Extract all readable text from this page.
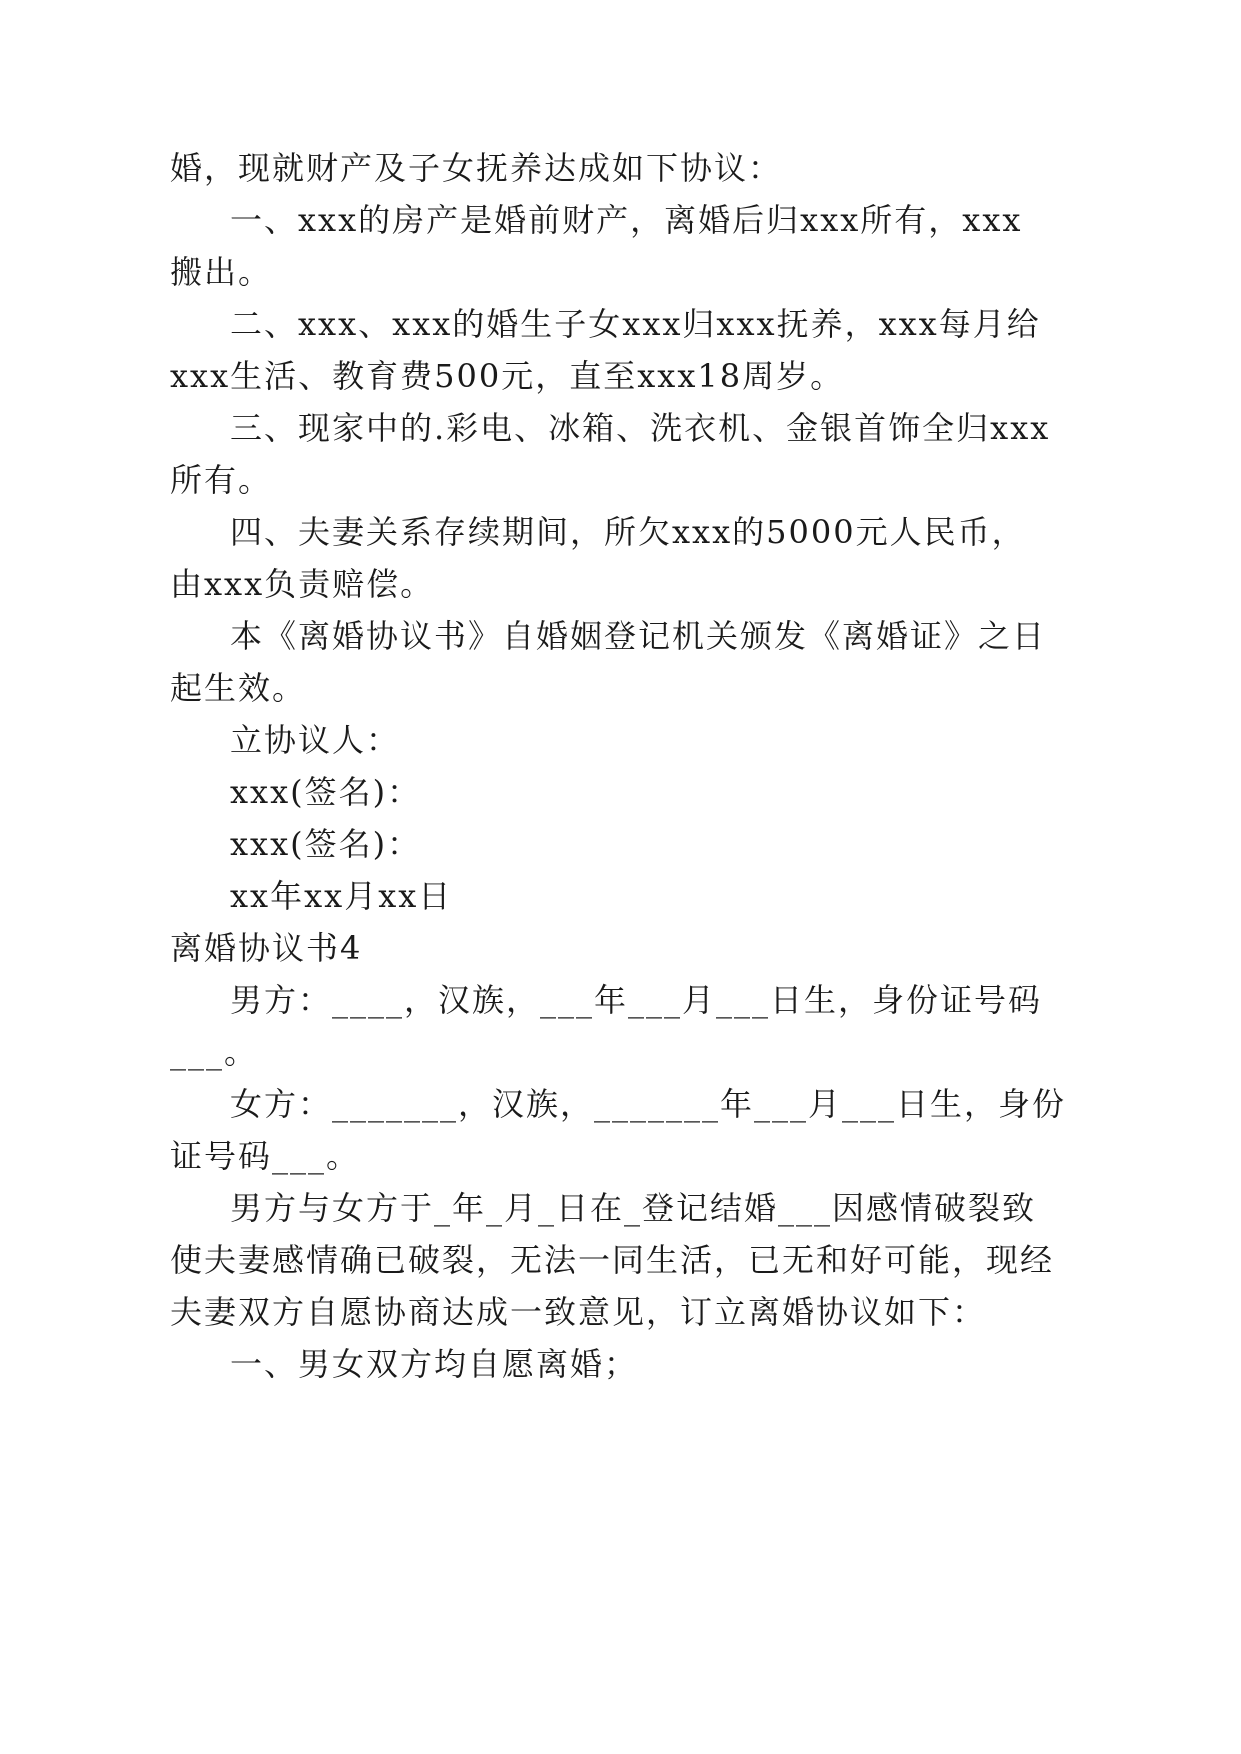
婚，现就财产及子女抚养达成如下协议：
一、xxx的房产是婚前财产，离婚后归xxx所有，xxx
搬出。
二、xxx、xxx的婚生子女xxx归xxx抚养，xxx每月给
xxx生活、教育费500元，直至xxx18周岁。
三、现家中的.彩电、冰箱、洗衣机、金银首饰全归xxx
所有。
四、夫妻关系存续期间，所欠xxx的5000元人民币，
由xxx负责赔偿。
本《离婚协议书》自婚姻登记机关颁发《离婚证》之日
起生效。
立协议人：
xxx(签名)：
xxx(签名)：
xx年xx月xx日
离婚协议书4
男方：____，汉族，___年___月___日生，身份证号码
___。
女方：_______，汉族，_______年___月___日生，身份
证号码___。
男方与女方于_年_月_日在_登记结婚___因感情破裂致
使夫妻感情确已破裂，无法一同生活，已无和好可能，现经
夫妻双方自愿协商达成一致意见，订立离婚协议如下：
一、男女双方均自愿离婚；
